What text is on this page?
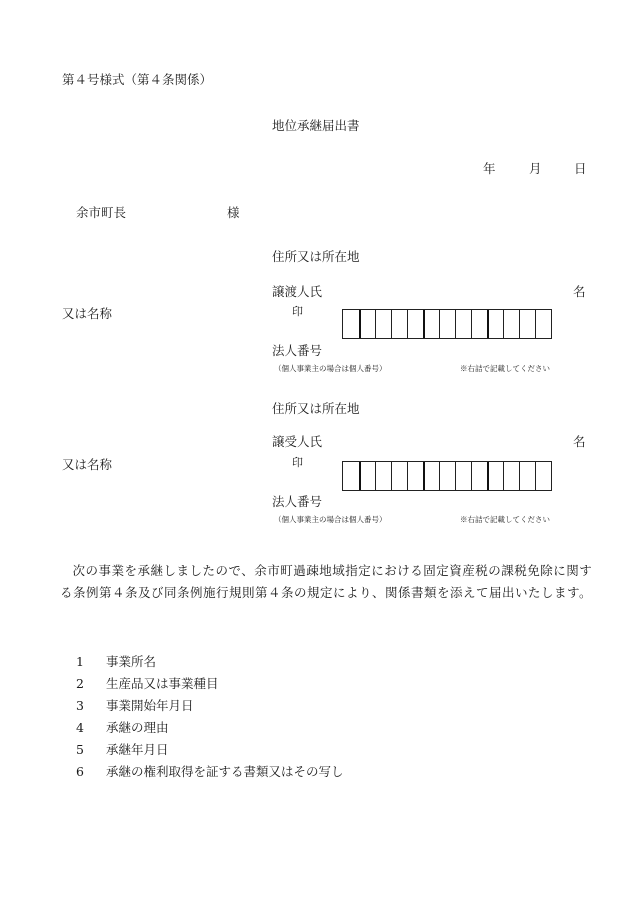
第４号様式（第４条関係）
地位承継届出書
年	月	日
余市町長	様
住所又は所在地
譲渡人氏	名
又は名称	印
法人番号
（個人事業主の場合は個人番号）	※右詰で記載してください
住所又は所在地
譲受人氏	名
又は名称	印
法人番号
（個人事業主の場合は個人番号）	※右詰で記載してください
次の事業を承継しましたので、余市町過疎地域指定における固定資産税の課税免除に関する条例第４条及び同条例施行規則第４条の規定により、関係書類を添えて届出いたします。
1 事業所名
2 生産品又は事業種目
3 事業開始年月日
4 承継の理由
5 承継年月日
6 承継の権利取得を証する書類又はその写し
